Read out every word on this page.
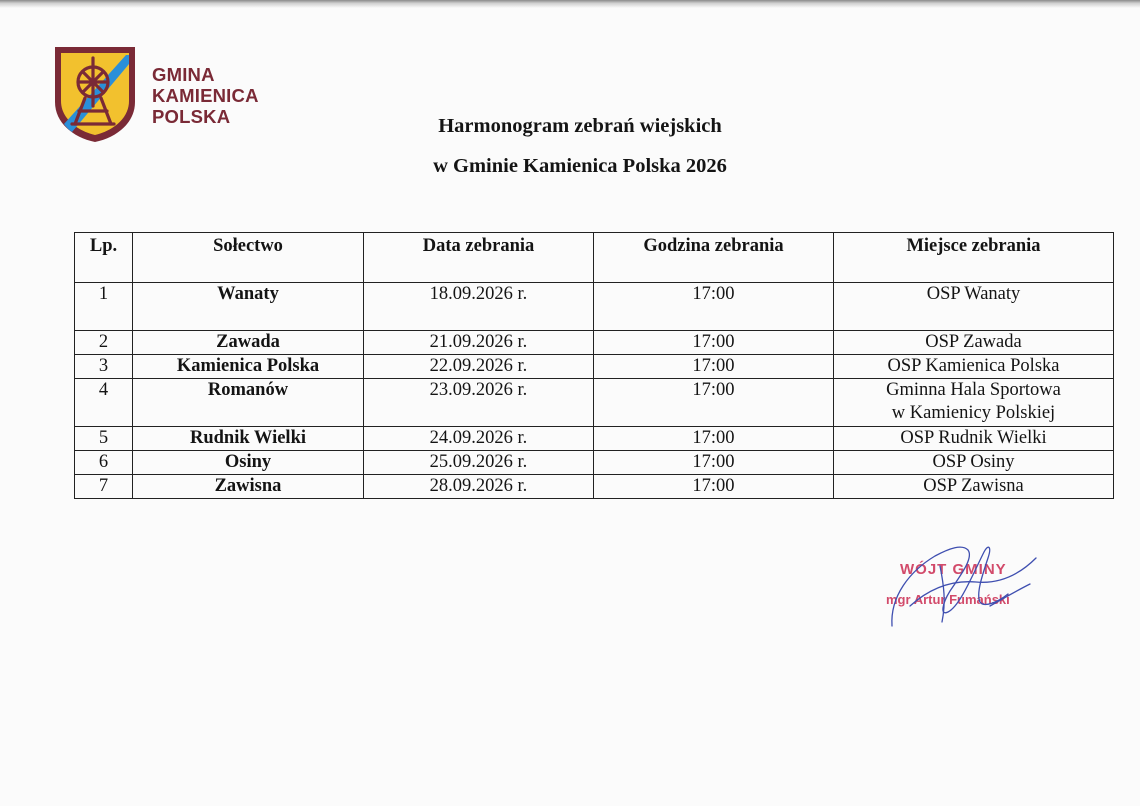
GMINA
KAMIENICA
POLSKA	Harmonogram zebrań wiejskich
w Gminie Kamienica Polska 2026
Lp.	Sołectwo	Data zebrania	Godzina zebrania	Miejsce zebrania
1	Wanaty	18.09.2026 r.	17:00	OSP Wanaty
2	Zawada	21.09.2026 r.	17:00	OSP Zawada
3	Kamienica Polska	22.09.2026 r.	17:00	OSP Kamienica Polska
4	Romanów	23.09.2026 r.	17:00	Gminna Hala Sportowa
w Kamienicy Polskiej

5	Rudnik Wielki	24.09.2026 r.	17:00	OSP Rudnik Wielki
6	Osiny	25.09.2026 r.	17:00	OSP Osiny
7	Zawisna	28.09.2026 r.	17:00	OSP Zawisna
WÓJT GMINY
mgr Artur Fumański
